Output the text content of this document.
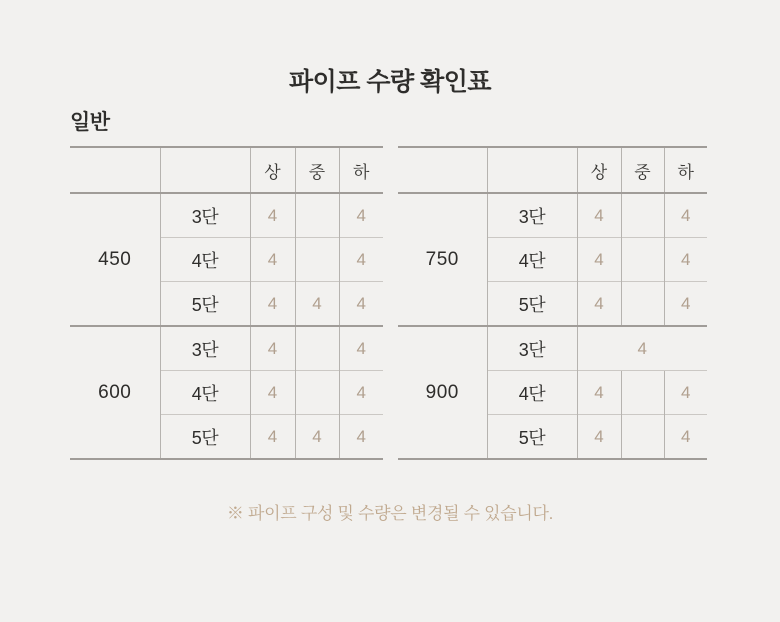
파이프 수량 확인표
일반
		상	중	하
450	3단	4		4
	4단	4		4
	5단	4	4	4
600	3단	4		4
	4단	4		4
	5단	4	4	4
		상	중	하
750	3단	4		4
	4단	4		4
	5단	4		4
900	3단	4		
	4단	4		4
	5단	4		4
※ 파이프 구성 및 수량은 변경될 수 있습니다.
